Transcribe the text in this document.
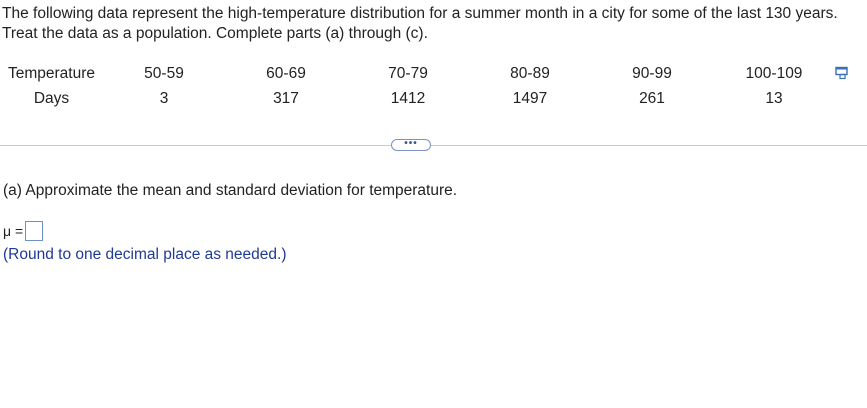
The following data represent the high-temperature distribution for a summer month in a city for some of the last 130 years. Treat the data as a population. Complete parts (a) through (c).
Temperature	50-59	60-69	70-79	80-89	90-99	100-109
Days	3	317	1412	1497	261	13
•••
(a) Approximate the mean and standard deviation for temperature.
μ =
(Round to one decimal place as needed.)
